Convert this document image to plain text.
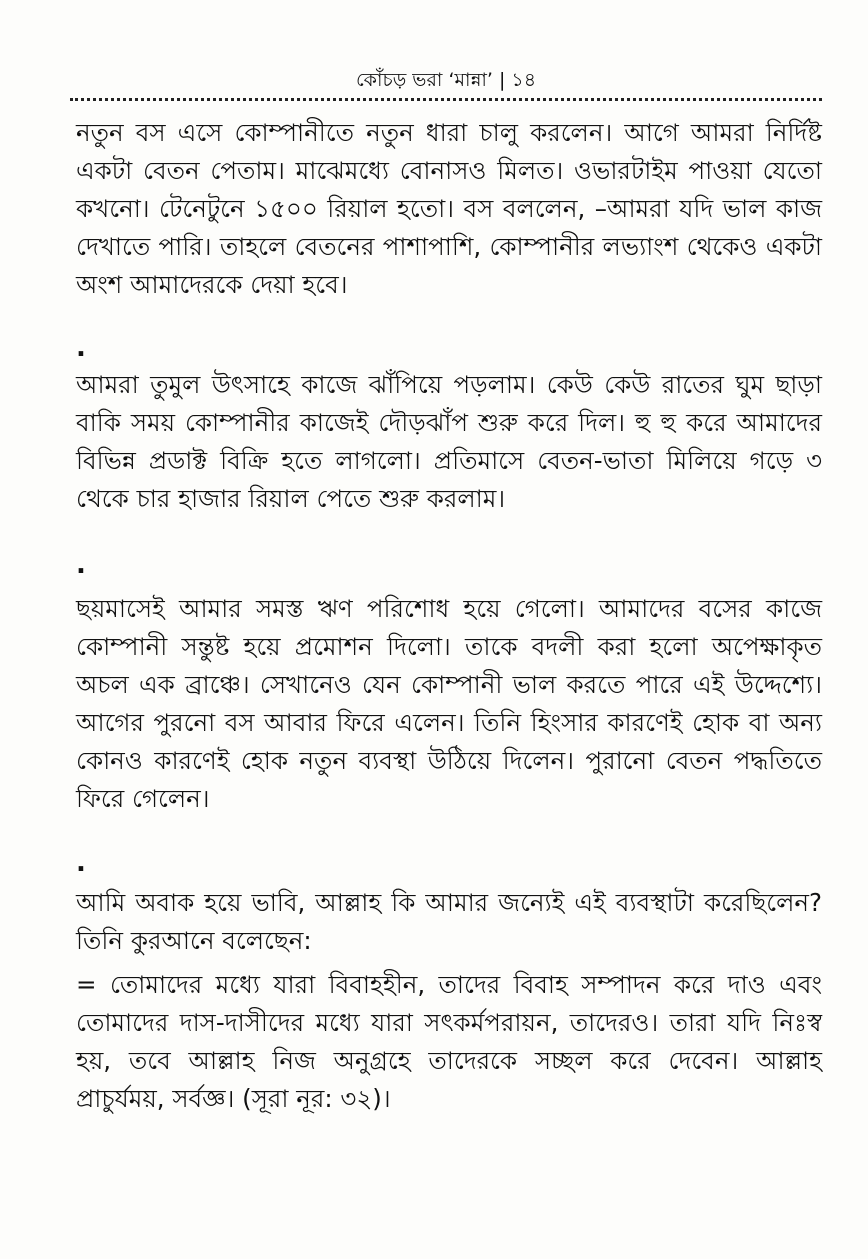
কোঁচড় ভরা ‘মান্না’ | ১৪

নতুন বস এসে কোম্পানীতে নতুন ধারা চালু করলেন। আগে আমরা নির্দিষ্ট একটা বেতন পেতাম। মাঝেমধ্যে বোনাসও মিলত। ওভারটাইম পাওয়া যেতো কখনো। টেনেটুনে ১৫০০ রিয়াল হতো। বস বললেন, –আমরা যদি ভাল কাজ দেখাতে পারি। তাহলে বেতনের পাশাপাশি, কোম্পানীর লভ্যাংশ থেকেও একটা অংশ আমাদেরকে দেয়া হবে।

.

আমরা তুমুল উৎসাহে কাজে ঝাঁপিয়ে পড়লাম। কেউ কেউ রাতের ঘুম ছাড়া বাকি সময় কোম্পানীর কাজেই দৌড়ঝাঁপ শুরু করে দিল। হু হু করে আমাদের বিভিন্ন প্রডাক্ট বিক্রি হতে লাগলো। প্রতিমাসে বেতন-ভাতা মিলিয়ে গড়ে ৩ থেকে চার হাজার রিয়াল পেতে শুরু করলাম।

.

ছয়মাসেই আমার সমস্ত ঋণ পরিশোধ হয়ে গেলো। আমাদের বসের কাজে কোম্পানী সন্তুষ্ট হয়ে প্রমোশন দিলো। তাকে বদলী করা হলো অপেক্ষাকৃত অচল এক ব্রাঞ্চে। সেখানেও যেন কোম্পানী ভাল করতে পারে এই উদ্দেশ্যে। আগের পুরনো বস আবার ফিরে এলেন। তিনি হিংসার কারণেই হোক বা অন্য কোনও কারণেই হোক নতুন ব্যবস্থা উঠিয়ে দিলেন। পুরানো বেতন পদ্ধতিতে ফিরে গেলেন।

.

আমি অবাক হয়ে ভাবি, আল্লাহ কি আমার জন্যেই এই ব্যবস্থাটা করেছিলেন? তিনি কুরআনে বলেছেন:

= তোমাদের মধ্যে যারা বিবাহহীন, তাদের বিবাহ সম্পাদন করে দাও এবং তোমাদের দাস-দাসীদের মধ্যে যারা সৎকর্মপরায়ন, তাদেরও। তারা যদি নিঃস্ব হয়, তবে আল্লাহ নিজ অনুগ্রহে তাদেরকে সচ্ছল করে দেবেন। আল্লাহ প্রাচুর্যময়, সর্বজ্ঞ। (সূরা নূর: ৩২)।
